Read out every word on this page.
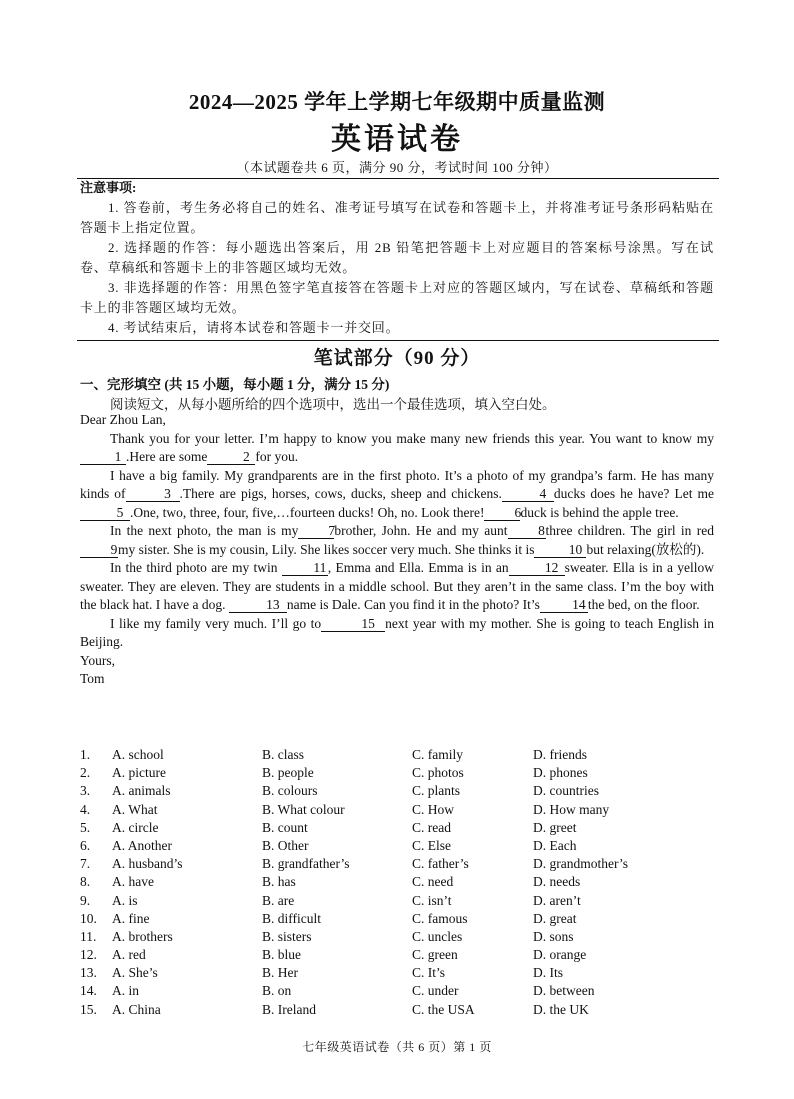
2024—2025 学年上学期七年级期中质量监测
英语试卷
（本试题卷共 6 页，满分 90 分，考试时间 100 分钟）
注意事项:

1. 答卷前，考生务必将自己的姓名、准考证号填写在试卷和答题卡上，并将准考证号条形码粘贴在答题卡上指定位置。

2. 选择题的作答：每小题选出答案后，用 2B 铅笔把答题卡上对应题目的答案标号涂黑。写在试卷、草稿纸和答题卡上的非答题区域均无效。

3. 非选择题的作答：用黑色签字笔直接答在答题卡上对应的答题区域内，写在试卷、草稿纸和答题卡上的非答题区域均无效。

4. 考试结束后，请将本试卷和答题卡一并交回。

笔试部分（90 分）
一、完形填空 (共 15 小题，每小题 1 分，满分 15 分)
阅读短文，从每小题所给的四个选项中，选出一个最佳选项，填入空白处。

Dear Zhou Lan,

Thank you for your letter. I’m happy to know you make many new friends this year. You want to know my1 .Here are some	2 for you.

I have a big family. My grandparents are in the first photo. It’s a photo of my grandpa’s farm. He has many kinds of	3 .There are pigs, horses, cows, ducks, sheep and chickens.	4 ducks does he have? Let me5 .One, two, three, four, five,…fourteen ducks! Oh, no. Look there! 6duck is behind the apple tree.

In the next photo, the man is my 7brother, John. He and my aunt 8three children. The girl in red9my sister. She is my cousin, Lily. She likes soccer very much. She thinks it is	10 but relaxing(放松的).

In the third photo are my twin	11 , Emma and Ella. Emma is in an	12 sweater. Ella is in a yellow sweater. They are eleven. They are students in a middle school. But they aren’t in the same class. I’m the boy with the black hat. I have a dog.	13 name is Dale. Can you find it in the photo? It’s 14 the bed, on the floor.

I like my family very much. I’ll go to	15 next year with my mother. She is going to teach English in Beijing.

Yours,

Tom

1. A. school	B. class	C. family	D. friends
2. A. picture	B. people	C. photos	D. phones
3. A. animals	B. colours	C. plants	D. countries
4. A. What	B. What colour	C. How	D. How many
5. A. circle	B. count	C. read	D. greet
6. A. Another	B. Other	C. Else	D. Each
7. A. husband’s	B. grandfather’s	C. father’s	D. grandmother’s
8. A. have	B. has	C. need	D. needs
9. A. is	B. are	C. isn’t	D. aren’t
10. A. fine	B. difficult	C. famous	D. great
11. A. brothers	B. sisters	C. uncles	D. sons
12. A. red	B. blue	C. green	D. orange
13. A. She’s	B. Her	C. It’s	D. Its
14. A. in	B. on	C. under	D. between
15. A. China	B. Ireland	C. the USA	D. the UK
七年级英语试卷（共 6 页）第 1 页
